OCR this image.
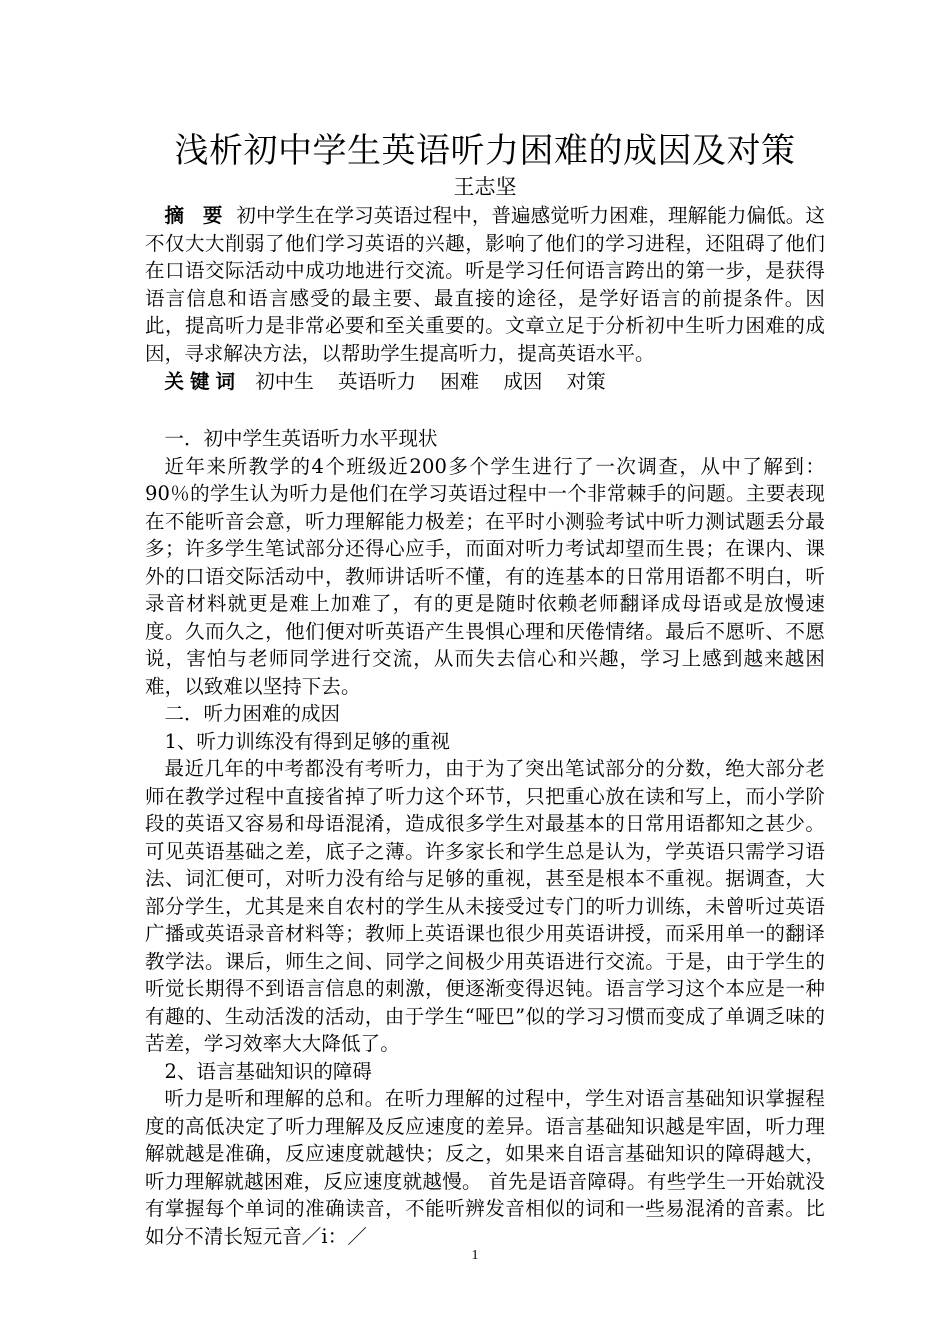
浅析初中学生英语听力困难的成因及对策

王志坚

摘 要 初中学生在学习英语过程中，普遍感觉听力困难，理解能力偏低。这不仅大大削弱了他们学习英语的兴趣，影响了他们的学习进程，还阻碍了他们在口语交际活动中成功地进行交流。听是学习任何语言跨出的第一步，是获得语言信息和语言感受的最主要、最直接的途径，是学好语言的前提条件。因此，提高听力是非常必要和至关重要的。文章立足于分析初中生听力困难的成因，寻求解决方法，以帮助学生提高听力，提高英语水平。

关键词 初中生 英语听力 困难 成因 对策

一．初中学生英语听力水平现状

近年来所教学的4个班级近200多个学生进行了一次调查，从中了解到：90％的学生认为听力是他们在学习英语过程中一个非常棘手的问题。主要表现在不能听音会意，听力理解能力极差；在平时小测验考试中听力测试题丢分最多；许多学生笔试部分还得心应手，而面对听力考试却望而生畏；在课内、课外的口语交际活动中，教师讲话听不懂，有的连基本的日常用语都不明白，听录音材料就更是难上加难了，有的更是随时依赖老师翻译成母语或是放慢速度。久而久之，他们便对听英语产生畏惧心理和厌倦情绪。最后不愿听、不愿说，害怕与老师同学进行交流，从而失去信心和兴趣，学习上感到越来越困难，以致难以坚持下去。

二．听力困难的成因

1、听力训练没有得到足够的重视

最近几年的中考都没有考听力，由于为了突出笔试部分的分数，绝大部分老师在教学过程中直接省掉了听力这个环节，只把重心放在读和写上，而小学阶段的英语又容易和母语混淆，造成很多学生对最基本的日常用语都知之甚少。可见英语基础之差，底子之薄。许多家长和学生总是认为，学英语只需学习语法、词汇便可，对听力没有给与足够的重视，甚至是根本不重视。据调查，大部分学生，尤其是来自农村的学生从未接受过专门的听力训练，未曾听过英语广播或英语录音材料等；教师上英语课也很少用英语讲授，而采用单一的翻译教学法。课后，师生之间、同学之间极少用英语进行交流。于是，由于学生的听觉长期得不到语言信息的刺激，便逐渐变得迟钝。语言学习这个本应是一种有趣的、生动活泼的活动，由于学生“哑巴”似的学习习惯而变成了单调乏味的苦差，学习效率大大降低了。

2、语言基础知识的障碍

听力是听和理解的总和。在听力理解的过程中，学生对语言基础知识掌握程度的高低决定了听力理解及反应速度的差异。语言基础知识越是牢固，听力理解就越是准确，反应速度就越快；反之，如果来自语言基础知识的障碍越大，听力理解就越困难，反应速度就越慢。 首先是语音障碍。有些学生一开始就没有掌握每个单词的准确读音，不能听辨发音相似的词和一些易混淆的音素。比如分不清长短元音／i：／

1
